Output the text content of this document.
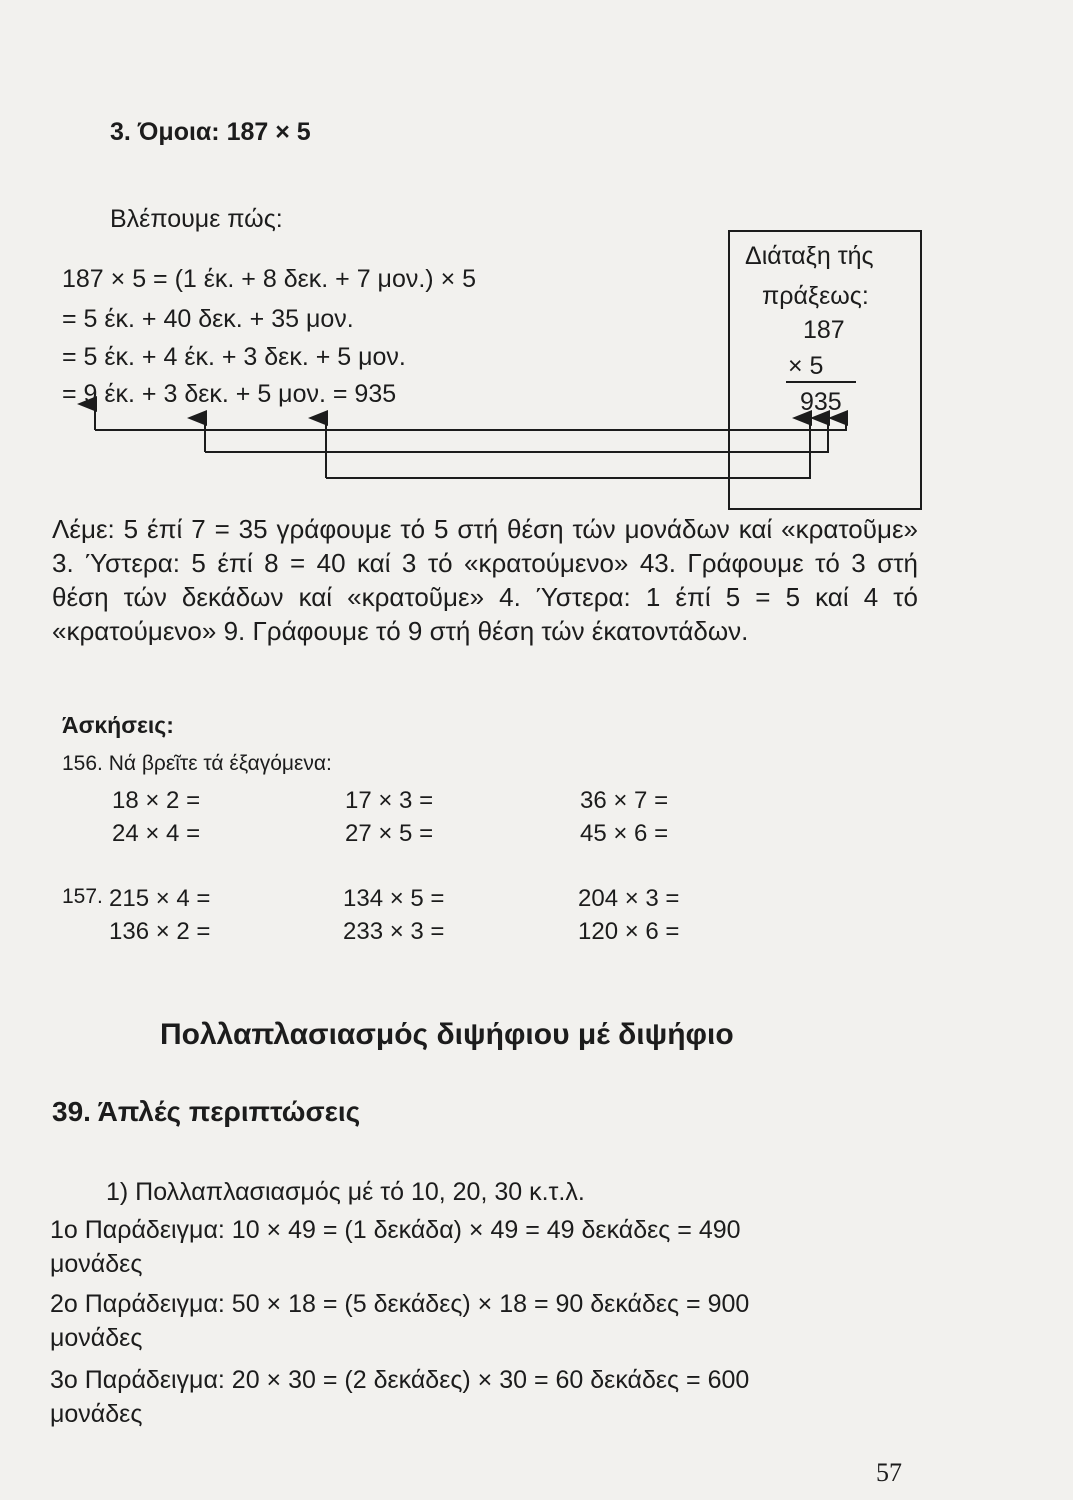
3. Όμοια: 187 × 5
Βλέπουμε πώς:
187 × 5 = (1 έκ. + 8 δεκ. + 7 μον.) × 5
= 5 έκ. + 40 δεκ. + 35 μον.
= 5 έκ. + 4 έκ. + 3 δεκ. + 5 μον.
= 9 έκ. + 3 δεκ. + 5 μον. = 935
Διάταξη τής
πράξεως:
187
× 5
935
Λέμε: 5 έπί 7 = 35 γράφουμε τό 5 στή θέση τών μονάδων καί «κρατοῦμε» 3. Ύστερα: 5 έπί 8 = 40 καί 3 τό «κρατούμενο» 43. Γράφουμε τό 3 στή θέση τών δεκάδων καί «κρατοῦμε» 4. Ύστερα: 1 έπί 5 = 5 καί 4 τό «κρατούμενο» 9. Γράφουμε τό 9 στή θέση τών έκατοντάδων.
Άσκήσεις:
156. Νά βρεῖτε τά έξαγόμενα:
18 × 2 =	17 × 3 =	36 × 7 =
24 × 4 =	27 × 5 =	45 × 6 =
157. 215 × 4 =	134 × 5 =	204 × 3 =
136 × 2 =	233 × 3 =	120 × 6 =
Πολλαπλασιασμός διψήφιου μέ διψήφιο
39. Άπλές περιπτώσεις
1) Πολλαπλασιασμός μέ τό 10, 20, 30 κ.τ.λ.
1ο Παράδειγμα: 10 × 49 = (1 δεκάδα) × 49 = 49 δεκάδες = 490
μονάδες
2ο Παράδειγμα: 50 × 18 = (5 δεκάδες) × 18 = 90 δεκάδες = 900
μονάδες
3ο Παράδειγμα: 20 × 30 = (2 δεκάδες) × 30 = 60 δεκάδες = 600
μονάδες
57
